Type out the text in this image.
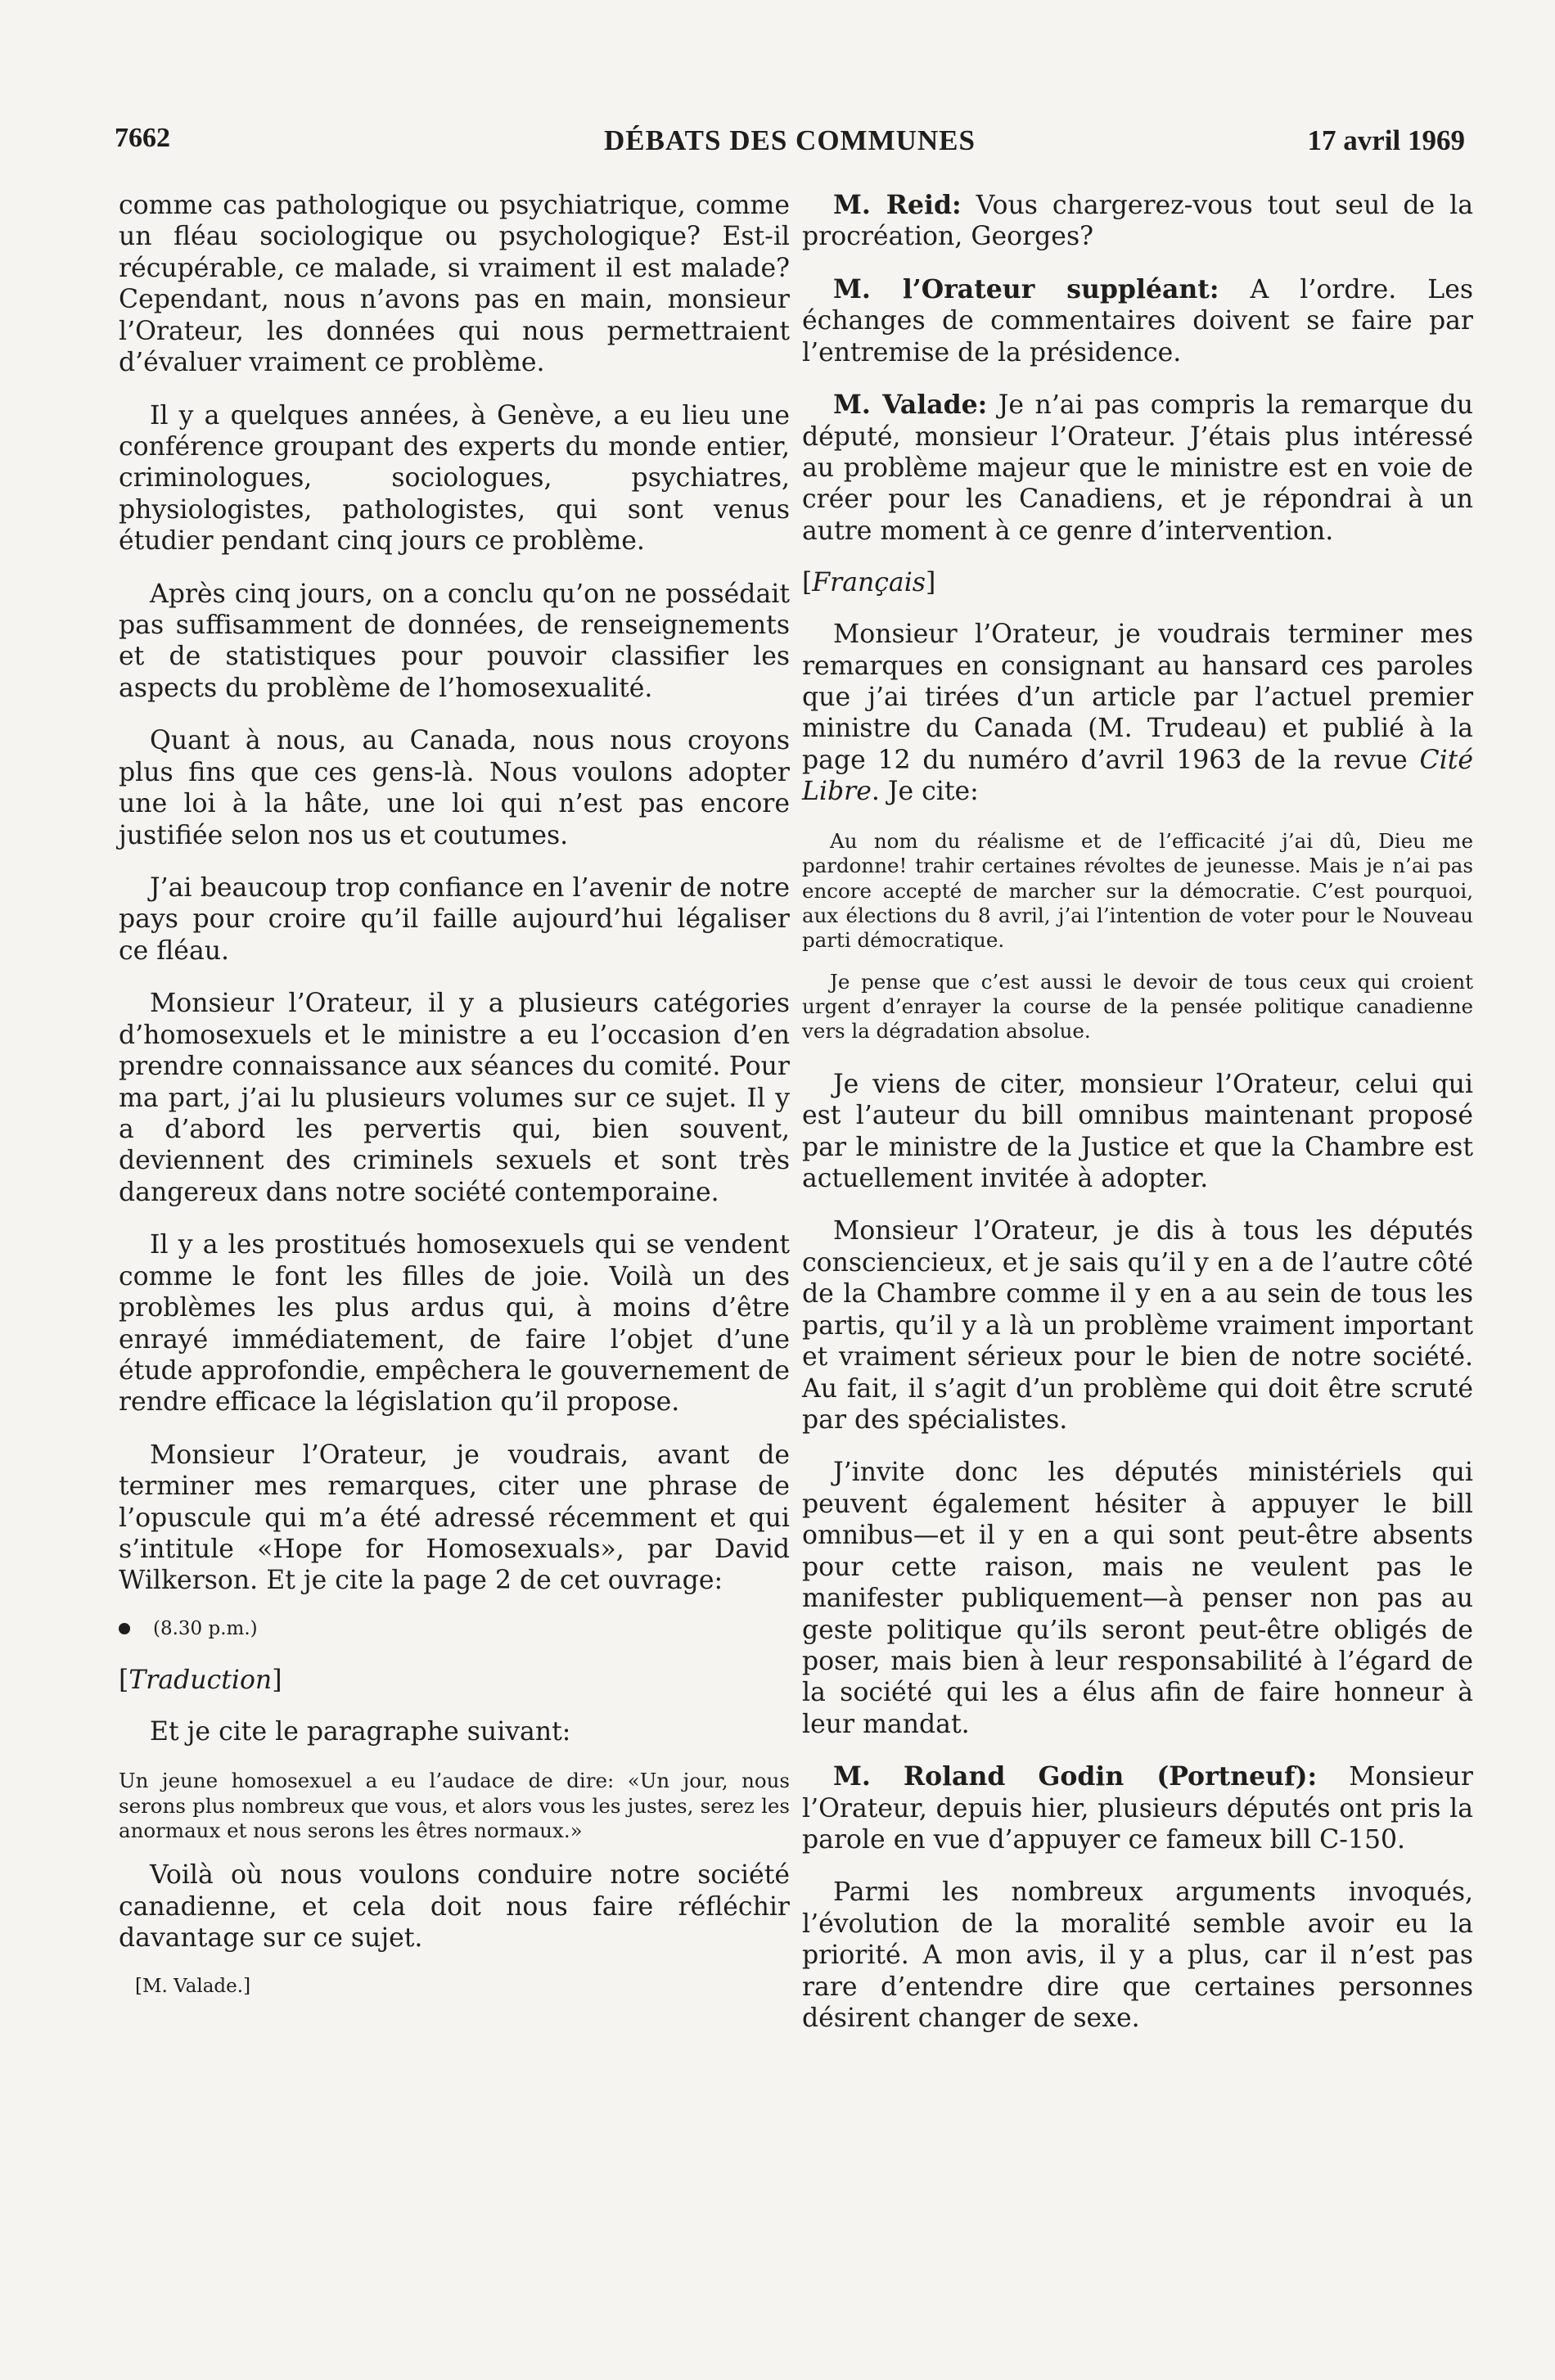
7662	DÉBATS DES COMMUNES	17 avril 1969

comme cas pathologique ou psychiatrique, comme un fléau sociologique ou psychologique? Est-il récupérable, ce malade, si vraiment il est malade? Cependant, nous n’avons pas en main, monsieur l’Orateur, les données qui nous permettraient d’évaluer vraiment ce problème.

Il y a quelques années, à Genève, a eu lieu une conférence groupant des experts du monde entier, criminologues, sociologues, psychiatres, physiologistes, pathologistes, qui sont venus étudier pendant cinq jours ce problème.

Après cinq jours, on a conclu qu’on ne possédait pas suffisamment de données, de renseignements et de statistiques pour pouvoir classifier les aspects du problème de l’homosexualité.

Quant à nous, au Canada, nous nous croyons plus fins que ces gens-là. Nous voulons adopter une loi à la hâte, une loi qui n’est pas encore justifiée selon nos us et coutumes.

J’ai beaucoup trop confiance en l’avenir de notre pays pour croire qu’il faille aujourd’hui légaliser ce fléau.

Monsieur l’Orateur, il y a plusieurs catégories d’homosexuels et le ministre a eu l’occasion d’en prendre connaissance aux séances du comité. Pour ma part, j’ai lu plusieurs volumes sur ce sujet. Il y a d’abord les pervertis qui, bien souvent, deviennent des criminels sexuels et sont très dangereux dans notre société contemporaine.

Il y a les prostitués homosexuels qui se vendent comme le font les filles de joie. Voilà un des problèmes les plus ardus qui, à moins d’être enrayé immédiatement, de faire l’objet d’une étude approfondie, empêchera le gouvernement de rendre efficace la législation qu’il propose.

Monsieur l’Orateur, je voudrais, avant de terminer mes remarques, citer une phrase de l’opuscule qui m’a été adressé récemment et qui s’intitule «Hope for Homosexuals», par David Wilkerson. Et je cite la page 2 de cet ouvrage:

(8.30 p.m.)
[Traduction]

Et je cite le paragraphe suivant:

Un jeune homosexuel a eu l’audace de dire: «Un jour, nous serons plus nombreux que vous, et alors vous les justes, serez les anormaux et nous serons les êtres normaux.»

Voilà où nous voulons conduire notre société canadienne, et cela doit nous faire réfléchir davantage sur ce sujet.

[M. Valade.]

M. Reid: Vous chargerez-vous tout seul de la procréation, Georges?

M. l’Orateur suppléant: A l’ordre. Les échanges de commentaires doivent se faire par l’entremise de la présidence.

M. Valade: Je n’ai pas compris la remarque du député, monsieur l’Orateur. J’étais plus intéressé au problème majeur que le ministre est en voie de créer pour les Canadiens, et je répondrai à un autre moment à ce genre d’intervention.

[Français]

Monsieur l’Orateur, je voudrais terminer mes remarques en consignant au hansard ces paroles que j’ai tirées d’un article par l’actuel premier ministre du Canada (M. Trudeau) et publié à la page 12 du numéro d’avril 1963 de la revue Cité Libre. Je cite:

Au nom du réalisme et de l’efficacité j’ai dû, Dieu me pardonne! trahir certaines révoltes de jeunesse. Mais je n’ai pas encore accepté de marcher sur la démocratie. C’est pourquoi, aux élections du 8 avril, j’ai l’intention de voter pour le Nouveau parti démocratique.
Je pense que c’est aussi le devoir de tous ceux qui croient urgent d’enrayer la course de la pensée politique canadienne vers la dégradation absolue.

Je viens de citer, monsieur l’Orateur, celui qui est l’auteur du bill omnibus maintenant proposé par le ministre de la Justice et que la Chambre est actuellement invitée à adopter.

Monsieur l’Orateur, je dis à tous les députés consciencieux, et je sais qu’il y en a de l’autre côté de la Chambre comme il y en a au sein de tous les partis, qu’il y a là un problème vraiment important et vraiment sérieux pour le bien de notre société. Au fait, il s’agit d’un problème qui doit être scruté par des spécialistes.

J’invite donc les députés ministériels qui peuvent également hésiter à appuyer le bill omnibus—et il y en a qui sont peut-être absents pour cette raison, mais ne veulent pas le manifester publiquement—à penser non pas au geste politique qu’ils seront peut-être obligés de poser, mais bien à leur responsabilité à l’égard de la société qui les a élus afin de faire honneur à leur mandat.

M. Roland Godin (Portneuf): Monsieur l’Orateur, depuis hier, plusieurs députés ont pris la parole en vue d’appuyer ce fameux bill C-150.

Parmi les nombreux arguments invoqués, l’évolution de la moralité semble avoir eu la priorité. A mon avis, il y a plus, car il n’est pas rare d’entendre dire que certaines personnes désirent changer de sexe.
